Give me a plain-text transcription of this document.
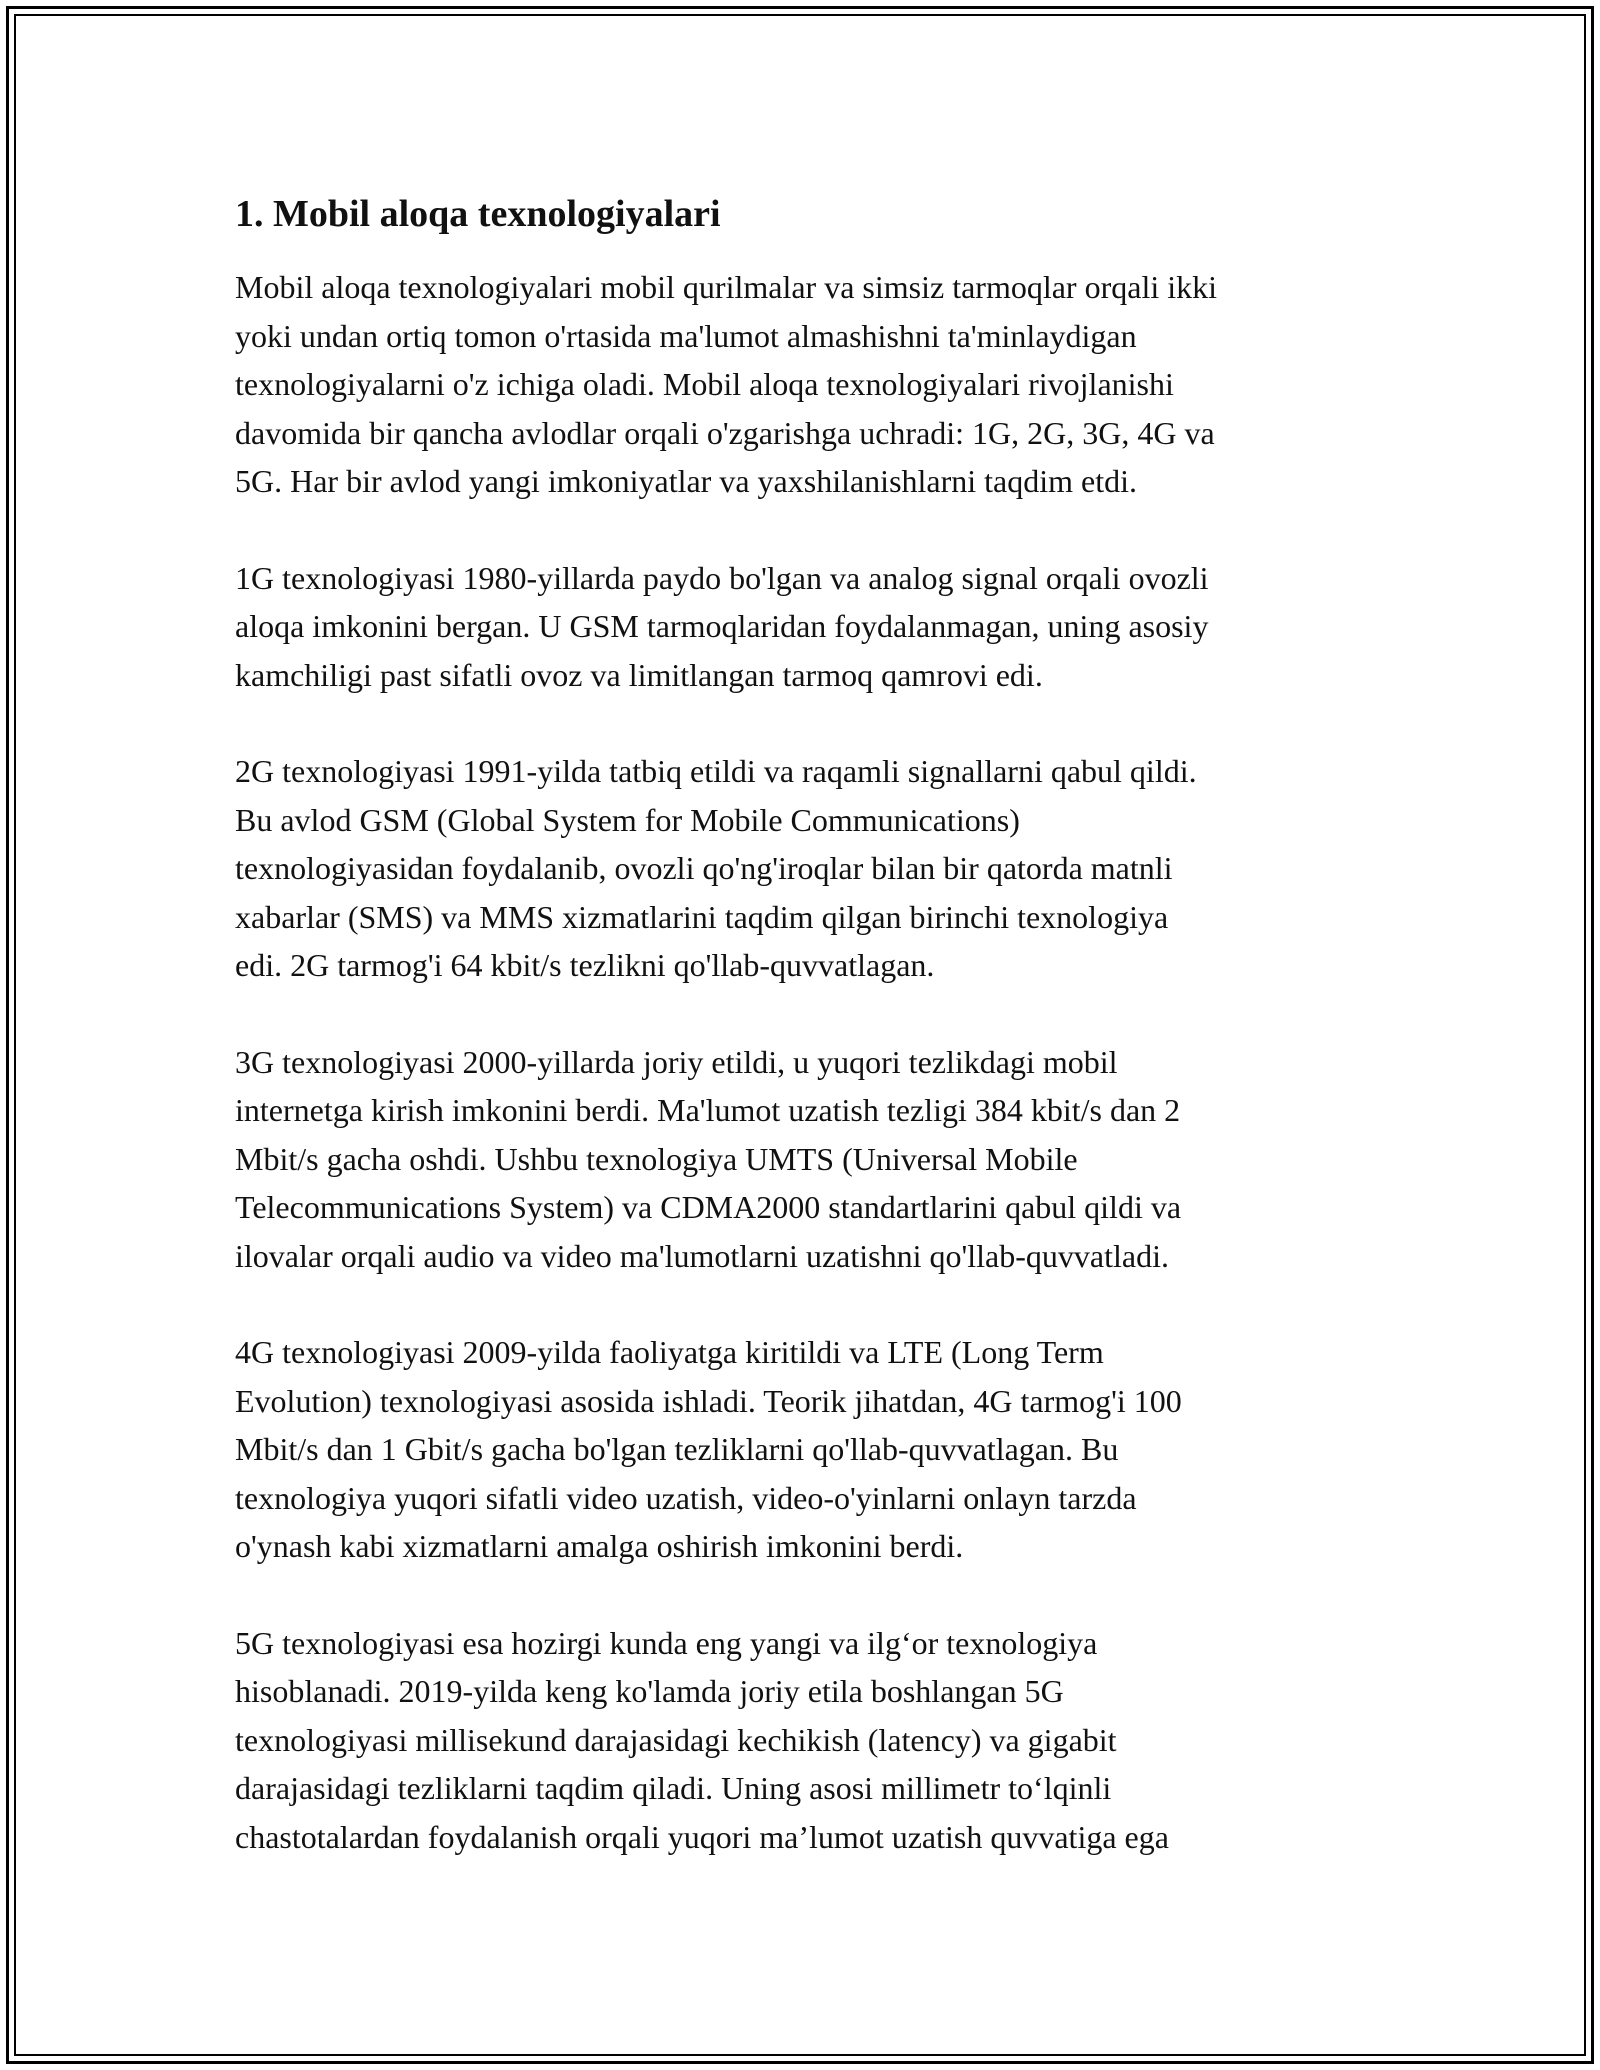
1. Mobil aloqa texnologiyalari

Mobil aloqa texnologiyalari mobil qurilmalar va simsiz tarmoqlar orqali ikki
yoki undan ortiq tomon o'rtasida ma'lumot almashishni ta'minlaydigan
texnologiyalarni o'z ichiga oladi. Mobil aloqa texnologiyalari rivojlanishi
davomida bir qancha avlodlar orqali o'zgarishga uchradi: 1G, 2G, 3G, 4G va
5G. Har bir avlod yangi imkoniyatlar va yaxshilanishlarni taqdim etdi.

1G texnologiyasi 1980-yillarda paydo bo'lgan va analog signal orqali ovozli
aloqa imkonini bergan. U GSM tarmoqlaridan foydalanmagan, uning asosiy
kamchiligi past sifatli ovoz va limitlangan tarmoq qamrovi edi.

2G texnologiyasi 1991-yilda tatbiq etildi va raqamli signallarni qabul qildi.
Bu avlod GSM (Global System for Mobile Communications)
texnologiyasidan foydalanib, ovozli qo'ng'iroqlar bilan bir qatorda matnli
xabarlar (SMS) va MMS xizmatlarini taqdim qilgan birinchi texnologiya
edi. 2G tarmog'i 64 kbit/s tezlikni qo'llab-quvvatlagan.

3G texnologiyasi 2000-yillarda joriy etildi, u yuqori tezlikdagi mobil
internetga kirish imkonini berdi. Ma'lumot uzatish tezligi 384 kbit/s dan 2
Mbit/s gacha oshdi. Ushbu texnologiya UMTS (Universal Mobile
Telecommunications System) va CDMA2000 standartlarini qabul qildi va
ilovalar orqali audio va video ma'lumotlarni uzatishni qo'llab-quvvatladi.

4G texnologiyasi 2009-yilda faoliyatga kiritildi va LTE (Long Term
Evolution) texnologiyasi asosida ishladi. Teorik jihatdan, 4G tarmog'i 100
Mbit/s dan 1 Gbit/s gacha bo'lgan tezliklarni qo'llab-quvvatlagan. Bu
texnologiya yuqori sifatli video uzatish, video-o'yinlarni onlayn tarzda
o'ynash kabi xizmatlarni amalga oshirish imkonini berdi.

5G texnologiyasi esa hozirgi kunda eng yangi va ilg‘or texnologiya
hisoblanadi. 2019-yilda keng ko'lamda joriy etila boshlangan 5G
texnologiyasi millisekund darajasidagi kechikish (latency) va gigabit
darajasidagi tezliklarni taqdim qiladi. Uning asosi millimetr to‘lqinli
chastotalardan foydalanish orqali yuqori ma’lumot uzatish quvvatiga ega
